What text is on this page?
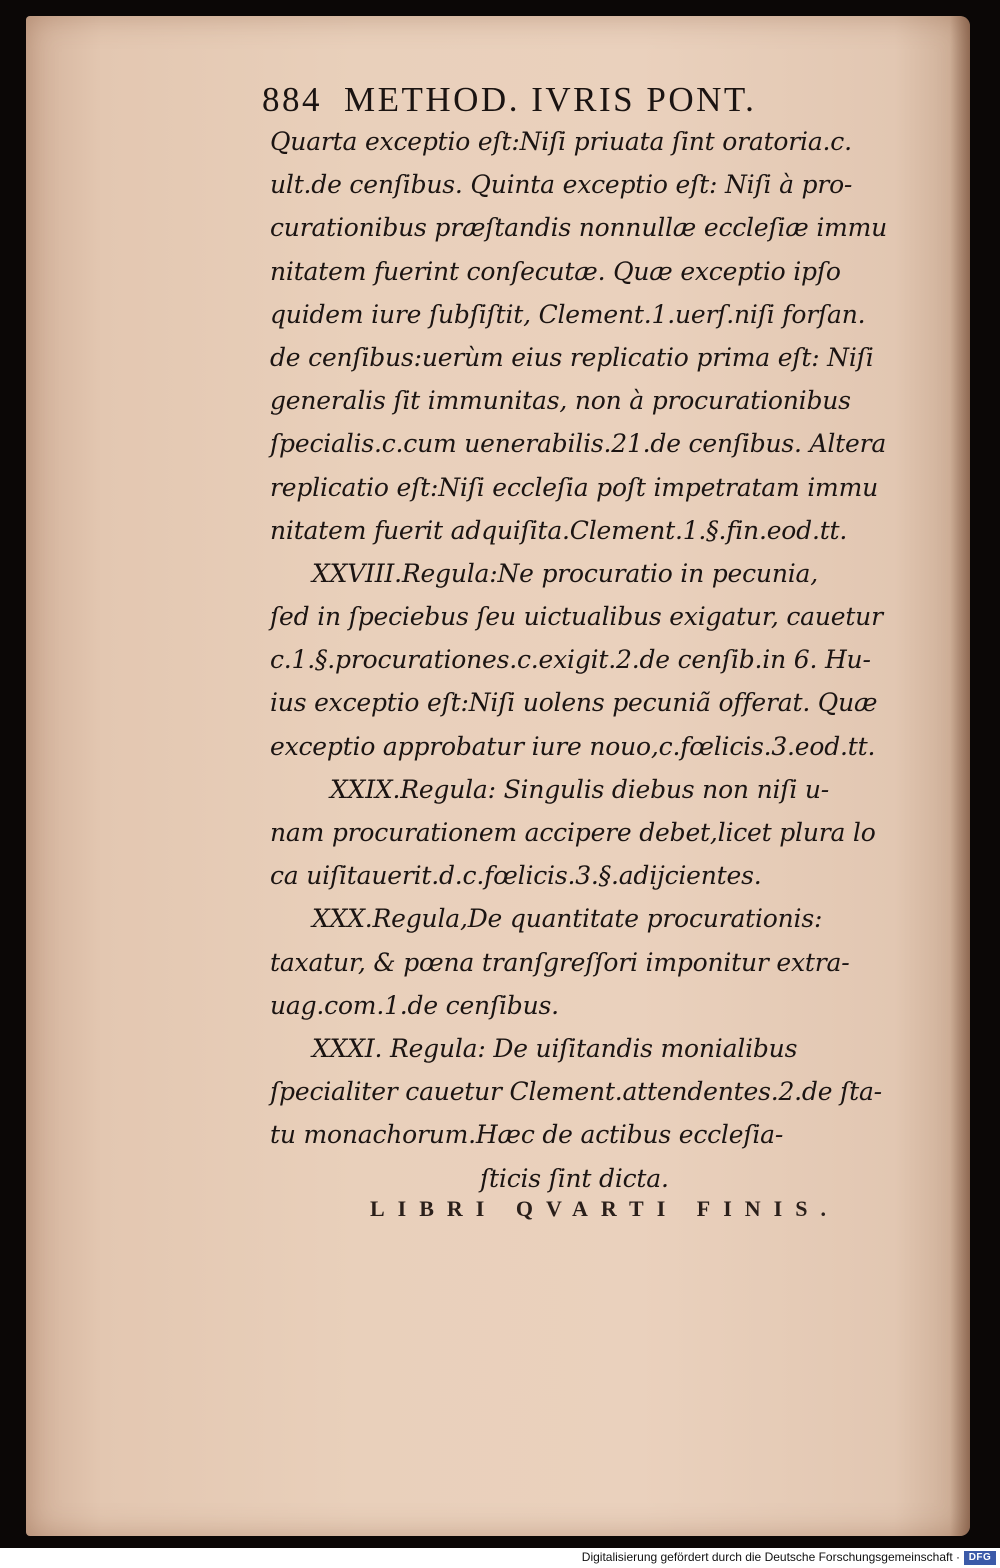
884 METHOD. IVRIS PONT.
Quarta exceptio eſt:Niſi priuata ſint oratoria.c.
ult.de cenſibus. Quinta exceptio eſt: Niſi à pro-
curationibus præſtandis nonnullæ eccleſiæ immu
nitatem fuerint conſecutæ. Quæ exceptio ipſo
quidem iure ſubſiſtit, Clement.1.uerſ.niſi forſan.
de cenſibus:uerùm eius replicatio prima eſt: Niſi
generalis ſit immunitas, non à procurationibus
ſpecialis.c.cum uenerabilis.21.de cenſibus. Altera
replicatio eſt:Niſi eccleſia poſt impetratam immu
nitatem fuerit adquiſita.Clement.1.§.fin.eod.tt.
XXVIII.Regula:Ne procuratio in pecunia,
ſed in ſpeciebus ſeu uictualibus exigatur, cauetur
c.1.§.procurationes.c.exigit.2.de cenſib.in 6. Hu-
ius exceptio eſt:Niſi uolens pecuniã offerat. Quæ
exceptio approbatur iure nouo,c.fœlicis.3.eod.tt.
XXIX.Regula: Singulis diebus non niſi u-
nam procurationem accipere debet,licet plura lo
ca uiſitauerit.d.c.fœlicis.3.§.adijcientes.
XXX.Regula,De quantitate procurationis:
taxatur, & pœna tranſgreſſori imponitur extra-
uag.com.1.de cenſibus.
XXXI. Regula: De uiſitandis monialibus
ſpecialiter cauetur Clement.attendentes.2.de ſta-
tu monachorum.Hæc de actibus eccleſia-
ſticis ſint dicta.
LIBRI QVARTI FINIS.
Digitalisierung gefördert durch die Deutsche Forschungsgemeinschaft · DFG
